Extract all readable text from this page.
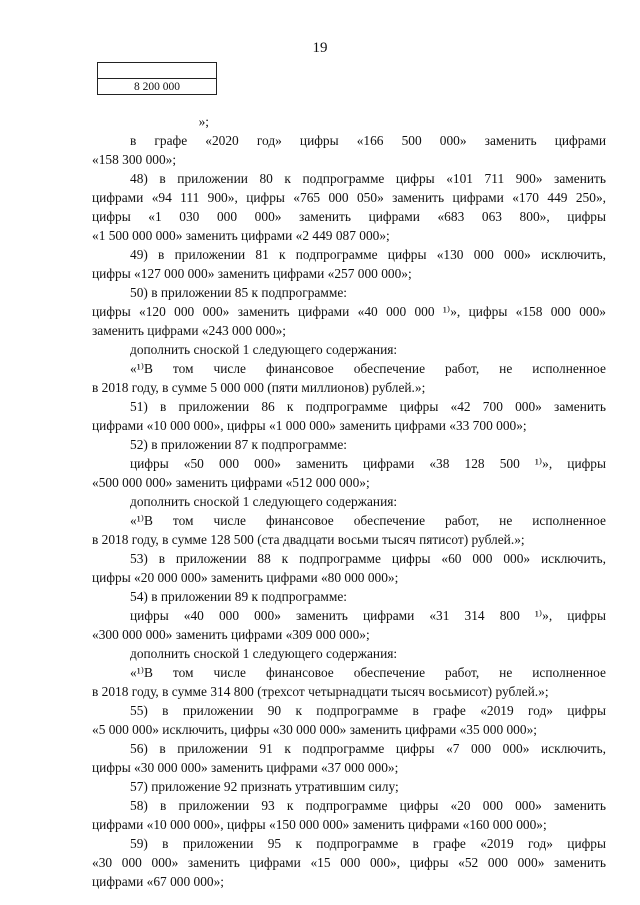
19

8 200 000

»;

в графе «2020 год» цифры «166 500 000» заменить цифрами

«158 300 000»;

48) в приложении 80 к подпрограмме цифры «101 711 900» заменить

цифрами «94 111 900», цифры «765 000 050» заменить цифрами «170 449 250»,

цифры «1 030 000 000» заменить цифрами «683 063 800», цифры

«1 500 000 000» заменить цифрами «2 449 087 000»;

49) в приложении 81 к подпрограмме цифры «130 000 000» исключить,

цифры «127 000 000» заменить цифрами «257 000 000»;

50) в приложении 85 к подпрограмме:

цифры «120 000 000» заменить цифрами «40 000 000 ¹⁾», цифры «158 000 000»

заменить цифрами «243 000 000»;

дополнить сноской 1 следующего содержания:

«¹⁾В том числе финансовое обеспечение работ, не исполненное

в 2018 году, в сумме 5 000 000 (пяти миллионов) рублей.»;

51) в приложении 86 к подпрограмме цифры «42 700 000» заменить

цифрами «10 000 000», цифры «1 000 000» заменить цифрами «33 700 000»;

52) в приложении 87 к подпрограмме:

цифры «50 000 000» заменить цифрами «38 128 500 ¹⁾», цифры

«500 000 000» заменить цифрами «512 000 000»;

дополнить сноской 1 следующего содержания:

«¹⁾В том числе финансовое обеспечение работ, не исполненное

в 2018 году, в сумме 128 500 (ста двадцати восьми тысяч пятисот) рублей.»;

53) в приложении 88 к подпрограмме цифры «60 000 000» исключить,

цифры «20 000 000» заменить цифрами «80 000 000»;

54) в приложении 89 к подпрограмме:

цифры «40 000 000» заменить цифрами «31 314 800 ¹⁾», цифры

«300 000 000» заменить цифрами «309 000 000»;

дополнить сноской 1 следующего содержания:

«¹⁾В том числе финансовое обеспечение работ, не исполненное

в 2018 году, в сумме 314 800 (трехсот четырнадцати тысяч восьмисот) рублей.»;

55) в приложении 90 к подпрограмме в графе «2019 год» цифры

«5 000 000» исключить, цифры «30 000 000» заменить цифрами «35 000 000»;

56) в приложении 91 к подпрограмме цифры «7 000 000» исключить,

цифры «30 000 000» заменить цифрами «37 000 000»;

57) приложение 92 признать утратившим силу;

58) в приложении 93 к подпрограмме цифры «20 000 000» заменить

цифрами «10 000 000», цифры «150 000 000» заменить цифрами «160 000 000»;

59) в приложении 95 к подпрограмме в графе «2019 год» цифры

«30 000 000» заменить цифрами «15 000 000», цифры «52 000 000» заменить

цифрами «67 000 000»;
